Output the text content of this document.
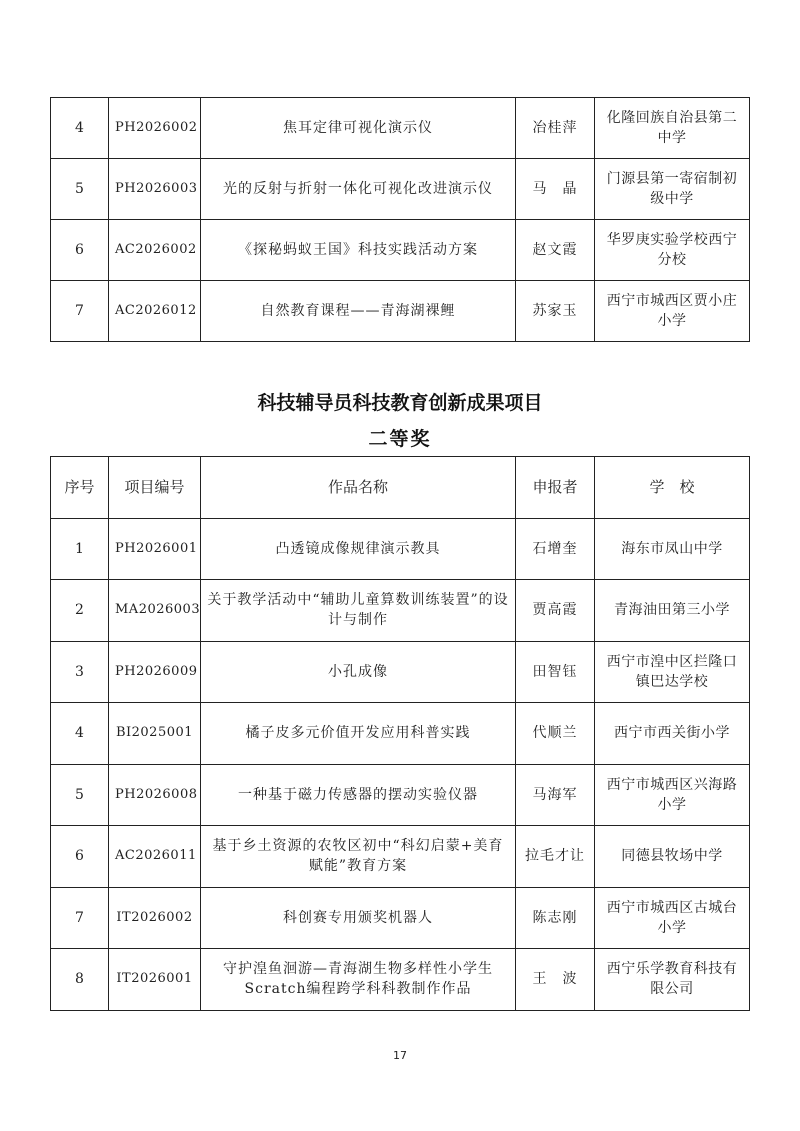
4	PH2026002	焦耳定律可视化演示仪	冶桂萍	化隆回族自治县第二中学
5	PH2026003	光的反射与折射一体化可视化改进演示仪	马　晶	门源县第一寄宿制初级中学
6	AC2026002	《探秘蚂蚁王国》科技实践活动方案	赵文霞	华罗庚实验学校西宁分校
7	AC2026012	自然教育课程——青海湖裸鲤	苏家玉	西宁市城西区贾小庄小学
科技辅导员科技教育创新成果项目
二等奖
序号	项目编号	作品名称	申报者	学　校
1	PH2026001	凸透镜成像规律演示教具	石增奎	海东市凤山中学
2	MA2026003	关于教学活动中“辅助儿童算数训练装置”的设计与制作	贾高霞	青海油田第三小学
3	PH2026009	小孔成像	田智钰	西宁市湟中区拦隆口镇巴达学校
4	BI2025001	橘子皮多元价值开发应用科普实践	代顺兰	西宁市西关街小学
5	PH2026008	一种基于磁力传感器的摆动实验仪器	马海军	西宁市城西区兴海路小学
6	AC2026011	基于乡土资源的农牧区初中“科幻启蒙+美育赋能”教育方案	拉毛才让	同德县牧场中学
7	IT2026002	科创赛专用颁奖机器人	陈志刚	西宁市城西区古城台小学
8	IT2026001	守护湟鱼洄游—青海湖生物多样性小学生Scratch编程跨学科科教制作作品	王　波	西宁乐学教育科技有限公司
17
